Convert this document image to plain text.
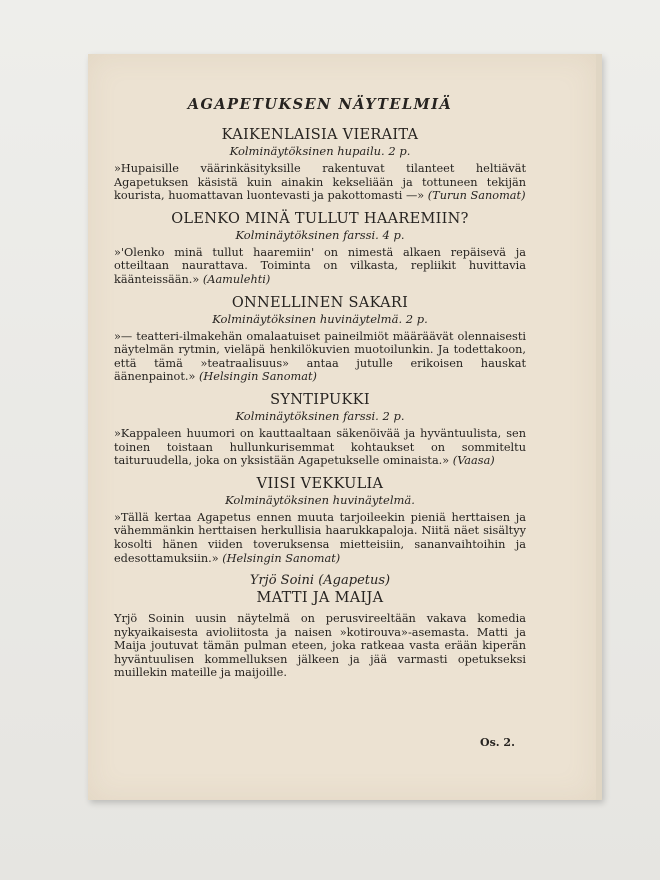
AGAPETUKSEN NÄYTELMIÄ

KAIKENLAISIA VIERAITA

Kolminäytöksinen hupailu. 2 p.

»Hupaisille väärinkäsityksille rakentuvat tilanteet heltiävät Agapetuksen käsistä kuin ainakin kekseliään ja tottuneen tekijän kourista, huomattavan luontevasti ja pakottomasti —» (Turun Sanomat)

OLENKO MINÄ TULLUT HAAREMIIN?

Kolminäytöksinen farssi. 4 p.

»'Olenko minä tullut haaremiin' on nimestä alkaen repäisevä ja otteiltaan naurattava. Toiminta on vilkasta, repliikit huvittavia käänteissään.» (Aamulehti)

ONNELLINEN SAKARI

Kolminäytöksinen huvinäytelmä. 2 p.

»— teatteri-ilmakehän omalaatuiset paineilmiöt määräävät olennaisesti näytelmän rytmin, vieläpä henkilökuvien muotoilunkin. Ja todettakoon, että tämä »teatraalisuus» antaa jutulle erikoisen hauskat äänenpainot.» (Helsingin Sanomat)

SYNTIPUKKI

Kolminäytöksinen farssi. 2 p.

»Kappaleen huumori on kauttaaltaan säkenöivää ja hyväntuulista, sen toinen toistaan hullunkurisemmat kohtaukset on sommiteltu taituruudella, joka on yksistään Agapetukselle ominaista.» (Vaasa)

VIISI VEKKULIA

Kolminäytöksinen huvinäytelmä.

»Tällä kertaa Agapetus ennen muuta tarjoileekin pieniä herttaisen ja vähemmänkin herttaisen herkullisia haarukkapaloja. Niitä näet sisältyy kosolti hänen viiden toveruksensa mietteisiin, sananvaihtoihin ja edesottamuksiin.» (Helsingin Sanomat)

Yrjö Soini (Agapetus)

MATTI JA MAIJA

Yrjö Soinin uusin näytelmä on perusvireeltään vakava komedia nykyaikaisesta avioliitosta ja naisen »kotirouva»-asemasta. Matti ja Maija joutuvat tämän pulman eteen, joka ratkeaa vasta erään kiperän hyväntuulisen kommelluksen jälkeen ja jää varmasti opetukseksi muillekin mateille ja maijoille.

Os. 2.
